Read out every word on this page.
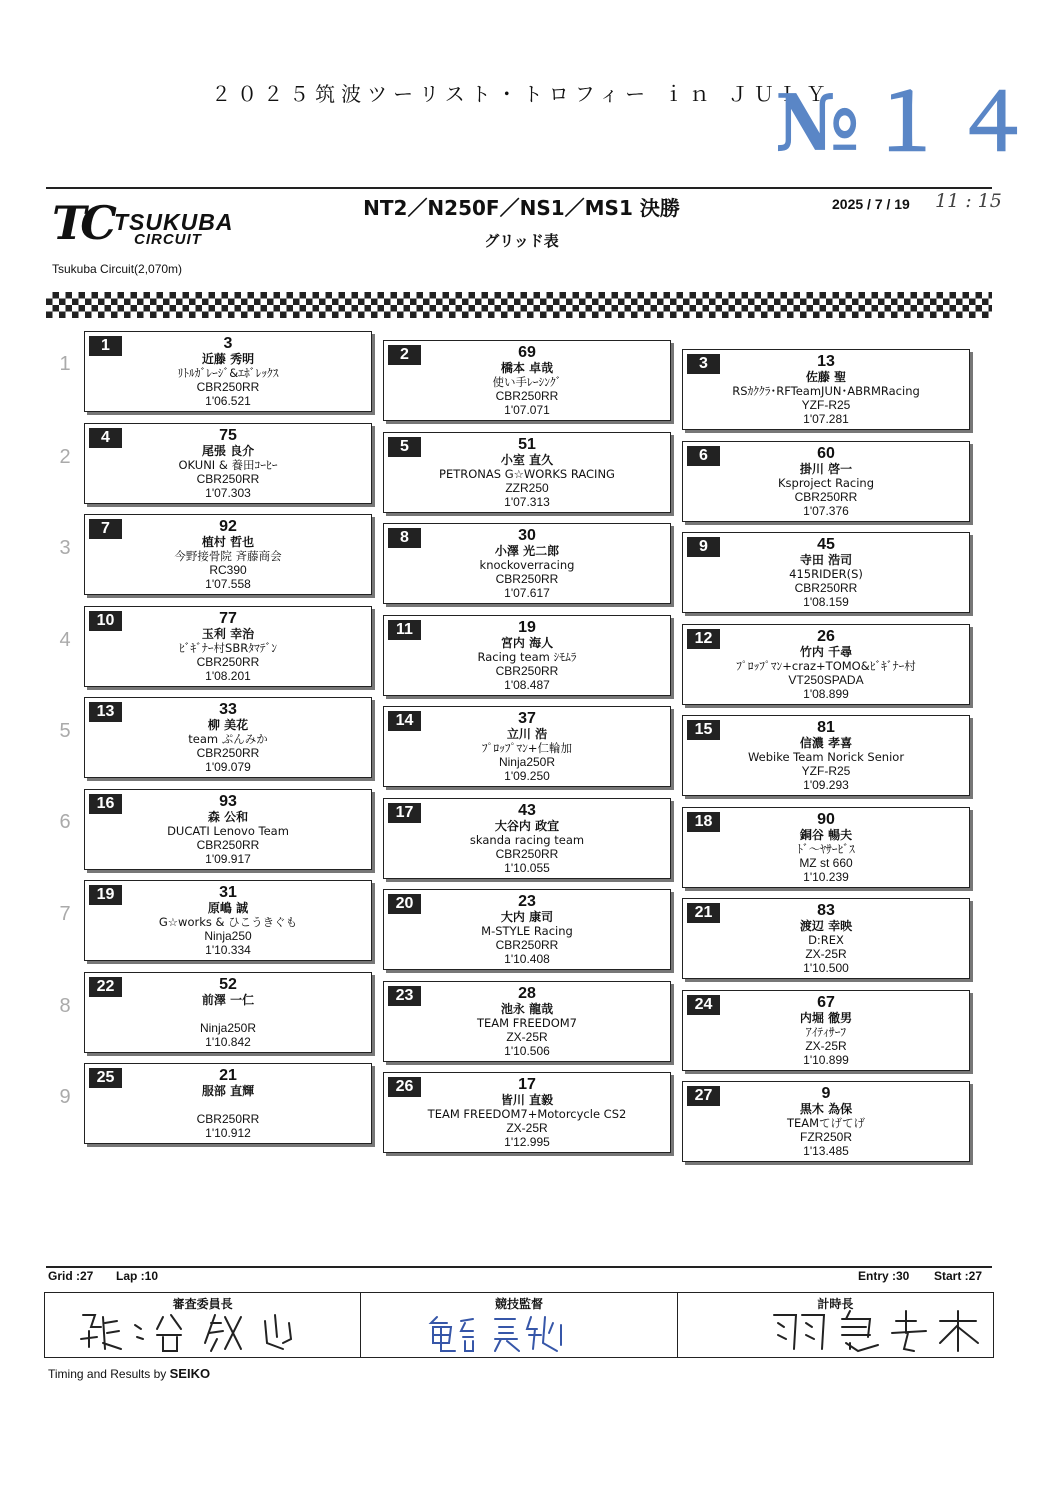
２０２５筑波ツーリスト・トロフィー ｉｎ ＪＵＬＹ
№１４
TC TSUKUBA
CIRCUIT
Tsukuba Circuit(2,070m)
NT2／N250F／NS1／MS1 決勝
グリッド表
2025 / 7 / 19 11 : 15
1
2
3
4
5
6
7
8
9
1	3
近藤 秀明
ﾘﾄﾙｶﾞﾚｰｼﾞ&ｴﾎﾞﾚｯｸｽ
CBR250RR
1'06.521
2	69
橋本 卓哉
使い手ﾚｰｼﾝｸﾞ
CBR250RR
1'07.071
3	13
佐藤 聖
RSｶｸｸﾗ･RFTeamJUN･ABRMRacing
YZF-R25
1'07.281
4	75
尾張 良介
OKUNI & 養田ｺｰﾋｰ
CBR250RR
1'07.303
5	51
小室 直久
PETRONAS G☆WORKS RACING
ZZR250
1'07.313
6	60
掛川 啓一
Ksproject Racing
CBR250RR
1'07.376
7	92
植村 哲也
今野接骨院 斉藤商会
RC390
1'07.558
8	30
小澤 光二郎
knockoverracing
CBR250RR
1'07.617
9	45
寺田 浩司
415RIDER(S)
CBR250RR
1'08.159
10	77
玉利 幸治
ﾋﾞｷﾞﾅｰ村SBRﾀﾏﾃﾞﾝ
CBR250RR
1'08.201
11	19
宮内 海人
Racing team ｼﾓﾑﾗ
CBR250RR
1'08.487
12	26
竹内 千尋
ﾌﾟﾛｯﾌﾟﾏﾝ+craz+TOMO&ﾋﾞｷﾞﾅｰ村
VT250SPADA
1'08.899
13	33
柳 美花
team ぷんみか
CBR250RR
1'09.079
14	37
立川 浩
ﾌﾟﾛｯﾌﾟﾏﾝ+仁輪加
Ninja250R
1'09.250
15	81
信濃 孝喜
Webike Team Norick Senior
YZF-R25
1'09.293
16	93
森 公和
DUCATI Lenovo Team
CBR250RR
1'09.917
17	43
大谷内 政宜
skanda racing team
CBR250RR
1'10.055
18	90
銅谷 暢夫
ﾄﾞ～ﾔｻｰﾋﾞｽ
MZ st 660
1'10.239
19	31
原嶋 誠
G☆works & ひこうきぐも
Ninja250
1'10.334
20	23
大内 康司
M-STYLE Racing
CBR250RR
1'10.408
21	83
渡辺 幸映
D:REX
ZX-25R
1'10.500
22	52
前澤 一仁
Ninja250R
1'10.842
23	28
池永 龍哉
TEAM FREEDOM7
ZX-25R
1'10.506
24	67
内堀 徹男
ｱｲﾃｨｻｰﾌ
ZX-25R
1'10.899
25	21
服部 直輝
CBR250RR
1'10.912
26	17
皆川 直毅
TEAM FREEDOM7+Motorcycle CS2
ZX-25R
1'12.995
27	9
黒木 為保
TEAMてげてげ
FZR250R
1'13.485
Grid :27 Lap :10	Entry :30 Start :27
審査委員長	競技監督	計時長
Timing and Results by SEIKO
